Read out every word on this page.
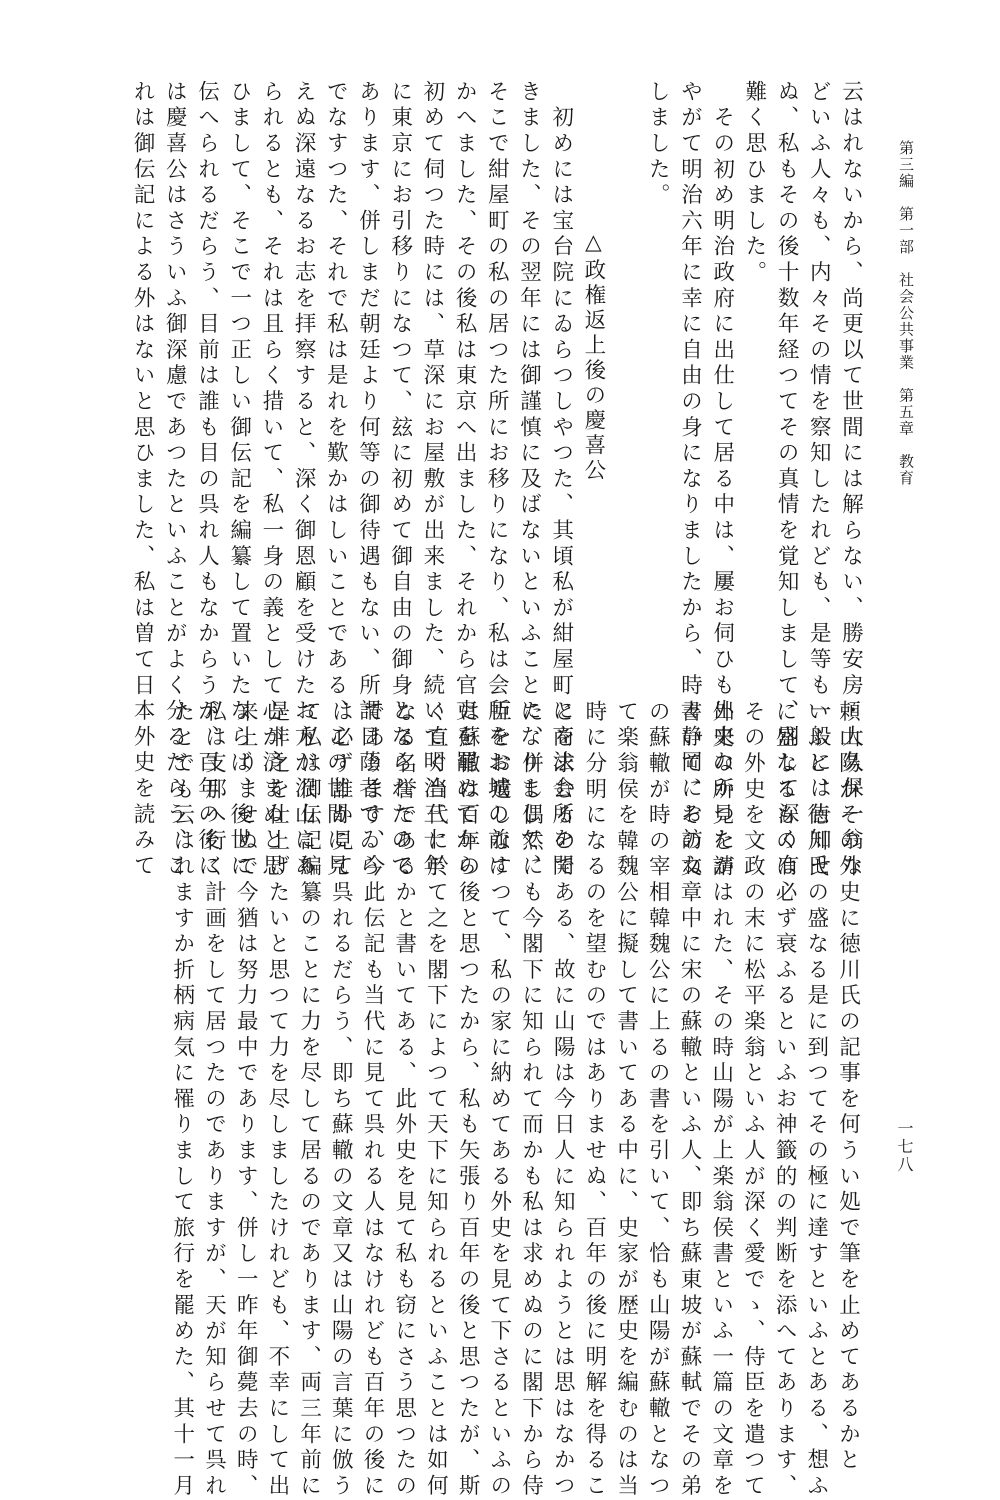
第三編　第一部　社会公共事業　第五章　教育
一七八
云はれないから、尚更以て世間には解らない、勝安房・大久保一翁な
どいふ人々も、内々その情を察知したれども、是等も一般には告知せ
ぬ、私もその後十数年経つてその真情を覚知しまして、別して深く有
難く思ひました。
　その初め明治政府に出仕して居る中は、屢お伺ひも出来なかつたが
やがて明治六年に幸に自由の身になりましたから、時々静岡にお訪ね
しました。
　　　　　　△政権返上後の慶喜公
　初めには宝台院にゐらつしやつた、其頃私が紺屋町に商法会所を開
きました、その翌年には御謹慎に及ばないといふことになりまして、
そこで紺屋町の私の居つた所にお移りになり、私は会所をお城の前に
かへました、その後私は東京へ出ました、それから官吏を罷めてから
初めて伺つた時には、草深にお屋敷が出来ました、続いて明治三十年
に東京にお引移りになつて、玆に初めて御自由の御身となられたので
あります、併しまだ朝廷より何等の御待遇もない、所謂日蔭者でゐら
でなすつた、それで私は是れを歎かはしいことである、この世間に見
えぬ深遠なるお志を拝察すると、深く御恩顧を受けたお方が沢山にあ
られるとも、それは且らく措いて、私一身の義として心が済まぬと思
ひまして、そこで一つ正しい御伝記を編纂して置いたならば、後世に
伝へられるだらう、目前は誰も目の呉れ人もなからうが、百年の後に
は慶喜公はさういふ御深慮であつたといふことがよく分るだらう、こ
れは御伝記による外はないと思ひました、私は曽て日本外史を読みて
頼山陽がその外史に徳川氏の記事を何うい処で筆を止めてあるかと
いふと、徳川氏の盛なる是に到つてその極に達すといふとある、想ふ
に盛なるものは必ず衰ふるといふお神籤的の判断を添へてあります、
その外史を文政の末に松平楽翁といふ人が深く愛でゝ、侍臣を遣つて
外史の所見を請はれた、その時山陽が上楽翁侯書といふ一篇の文章を
書いて、その文章中に宋の蘇轍といふ人、即ち蘇東坡が蘇軾でその弟
の蘇轍が時の宰相韓魏公に上るの書を引いて、恰も山陽が蘇轍となつ
て楽翁侯を韓魏公に擬して書いてある中に、史家が歴史を編むのは当
時に分明になるのを望むのではありませぬ、百年の後に明解を得るこ
とを求むるのである、故に山陽は今日人に知られようとは思はなかつ
た、併し偶然にも今閣下に知られて而かも私は求めぬのに閣下から侍
臣をお遣しなすつて、私の家に納めてある外史を見て下さるといふの
は蘇轍は百年の後と思つたから、私も矢張り百年の後と思つたが、斯
く直ぐ当代に於て之を閣下によつて天下に知られるといふことは如何
なる名誉であるかと書いてある、此外史を見て私も窃にさう思つたの
であります、今此伝記も当代に見て呉れる人はなけれども百年の後に
は必ず誰か見て呉れるだらう、即ち蘇轍の文章又は山陽の言葉に倣う
て私は御伝記編纂のことに力を尽して居るのであります、両三年前に
是非之を仕上げたいと思つて力を尽しましたけれども、不幸にして出
来上りませぬで今猶は努力最中であります、併し一昨年御薨去の時、
私は支那へ行く計画をして居つたのでありますが、天が知らせて呉れ
たとでも云はれますか折柄病気に罹りまして旅行を罷めた、其十一月
